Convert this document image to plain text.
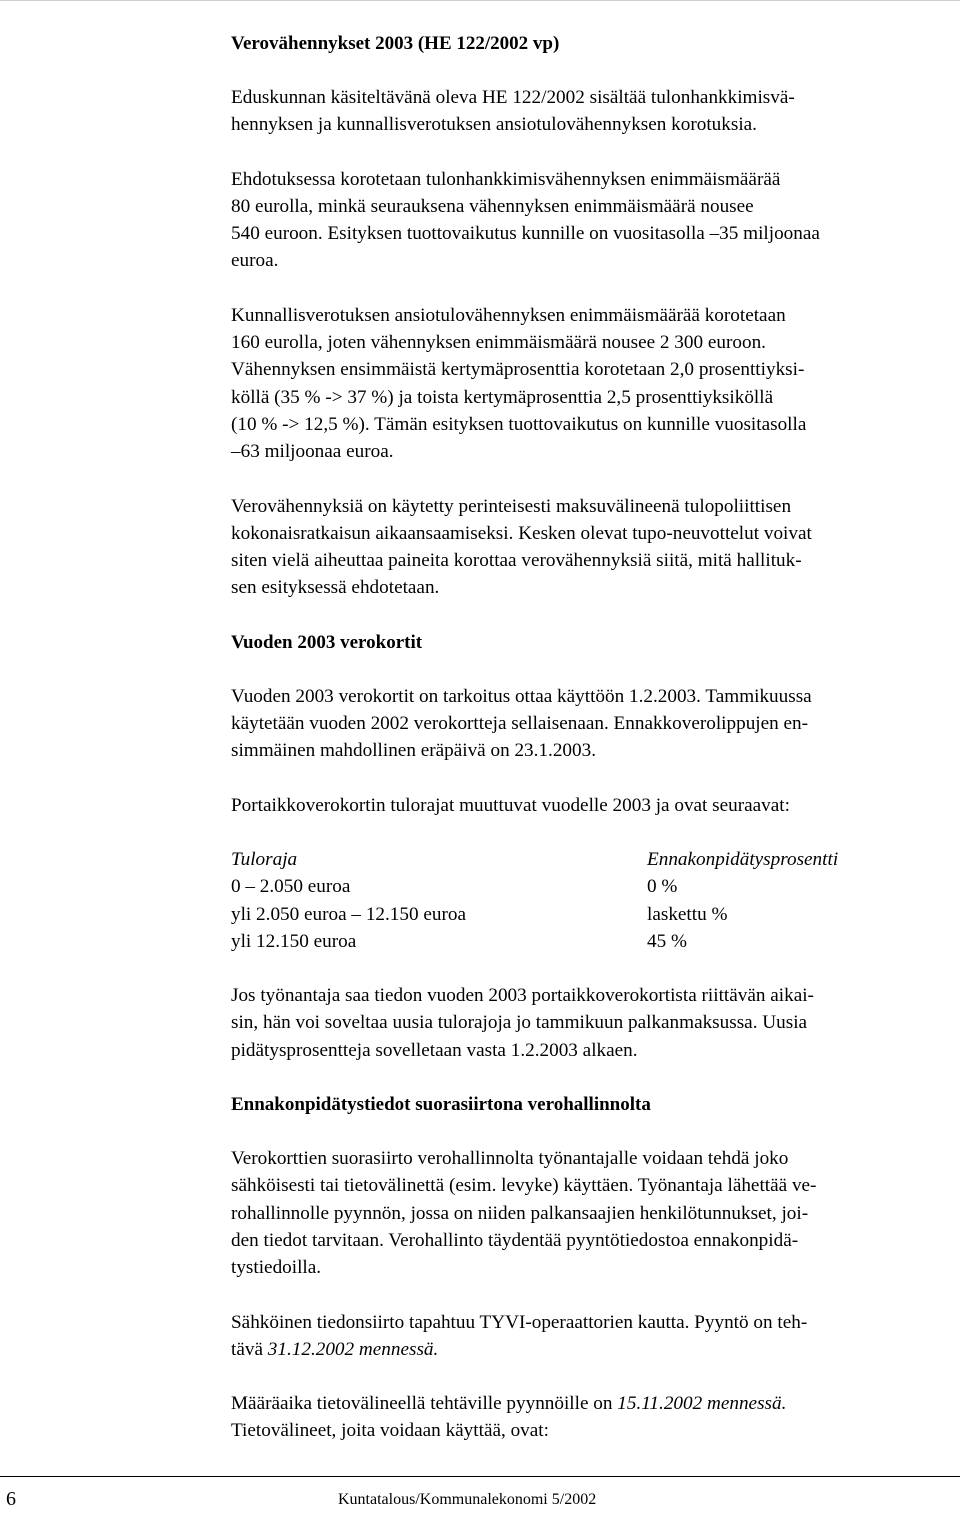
Verovähennykset 2003 (HE 122/2002 vp)
Eduskunnan käsiteltävänä oleva HE 122/2002 sisältää tulonhankkimisvä-
hennyksen ja kunnallisverotuksen ansiotulovähennyksen korotuksia.
Ehdotuksessa korotetaan tulonhankkimisvähennyksen enimmäismäärää
80 eurolla, minkä seurauksena vähennyksen enimmäismäärä nousee
540 euroon. Esityksen tuottovaikutus kunnille on vuositasolla –35 miljoonaa
euroa.
Kunnallisverotuksen ansiotulovähennyksen enimmäismäärää korotetaan
160 eurolla, joten vähennyksen enimmäismäärä nousee 2 300 euroon.
Vähennyksen ensimmäistä kertymäprosenttia korotetaan 2,0 prosenttiyksi-
köllä (35 % -> 37 %) ja toista kertymäprosenttia 2,5 prosenttiyksiköllä
(10 % -> 12,5 %). Tämän esityksen tuottovaikutus on kunnille vuositasolla
–63 miljoonaa euroa.
Verovähennyksiä on käytetty perinteisesti maksuvälineenä tulopoliittisen
kokonaisratkaisun aikaansaamiseksi. Kesken olevat tupo-neuvottelut voivat
siten vielä aiheuttaa paineita korottaa verovähennyksiä siitä, mitä hallituk-
sen esityksessä ehdotetaan.
Vuoden 2003 verokortit
Vuoden 2003 verokortit on tarkoitus ottaa käyttöön 1.2.2003. Tammikuussa
käytetään vuoden 2002 verokortteja sellaisenaan. Ennakkoverolippujen en-
simmäinen mahdollinen eräpäivä on 23.1.2003.
Portaikkoverokortin tulorajat muuttuvat vuodelle 2003 ja ovat seuraavat:
Tuloraja	Ennakonpidätysprosentti
0 – 2.050 euroa	0 %
yli 2.050 euroa – 12.150 euroa	laskettu %
yli 12.150 euroa	45 %
Jos työnantaja saa tiedon vuoden 2003 portaikkoverokortista riittävän aikai-
sin, hän voi soveltaa uusia tulorajoja jo tammikuun palkanmaksussa. Uusia
pidätysprosentteja sovelletaan vasta 1.2.2003 alkaen.
Ennakonpidätystiedot suorasiirtona verohallinnolta
Verokorttien suorasiirto verohallinnolta työnantajalle voidaan tehdä joko
sähköisesti tai tietovälinettä (esim. levyke) käyttäen. Työnantaja lähettää ve-
rohallinnolle pyynnön, jossa on niiden palkansaajien henkilötunnukset, joi-
den tiedot tarvitaan. Verohallinto täydentää pyyntötiedostoa ennakonpidä-
tystiedoilla.
Sähköinen tiedonsiirto tapahtuu TYVI-operaattorien kautta. Pyyntö on teh-
tävä 31.12.2002 mennessä.
Määräaika tietovälineellä tehtäville pyynnöille on 15.11.2002 mennessä.
Tietovälineet, joita voidaan käyttää, ovat:
6	Kuntatalous/Kommunalekonomi 5/2002
